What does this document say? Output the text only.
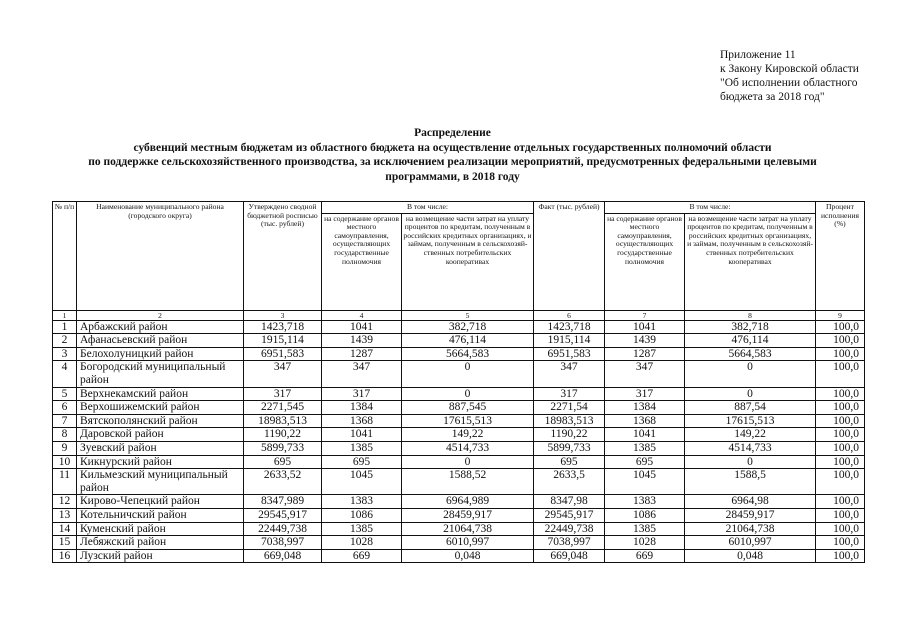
Приложение 11
к Закону Кировской области
"Об исполнении областного
бюджета за 2018 год"
Распределение
субвенций местным бюджетам из областного бюджета на осуществление отдельных государственных полномочий области
по поддержке сельскохозяйственного производства, за исключением реализации мероприятий, предусмотренных федеральными целевыми
программами, в 2018 году
№ п/п	Наименование муниципального района (городского округа)	Утверждено сводной бюджетной росписью (тыс. рублей)	В том числе:		Факт (тыс. рублей)	В том числе:		Процент исполнения (%)
			на содержание органов местного самоуправления, осуществляющих государственные полномочия	на возмещение части затрат на уплату процентов по кредитам, полученным в российских кредитных организациях, и займам, полученным в сельскохозяй-ственных потребительских кооперативах		на содержание органов местного самоуправления, осуществляющих государственные полномочия	на возмещение части затрат на уплату процентов по кредитам, полученным в российских кредитных организациях, и займам, полученным в сельскохозяй-ственных потребительских кооперативах	
1	2	3	4	5	6	7	8	9
1	Арбажский район	1423,718	1041	382,718	1423,718	1041	382,718	100,0
2	Афанасьевский район	1915,114	1439	476,114	1915,114	1439	476,114	100,0
3	Белохолуницкий район	6951,583	1287	5664,583	6951,583	1287	5664,583	100,0
4	Богородский муниципальный район	347	347	0	347	347	0	100,0
5	Верхнекамский район	317	317	0	317	317	0	100,0
6	Верхошижемский район	2271,545	1384	887,545	2271,54	1384	887,54	100,0
7	Вятскополянский район	18983,513	1368	17615,513	18983,513	1368	17615,513	100,0
8	Даровской район	1190,22	1041	149,22	1190,22	1041	149,22	100,0
9	Зуевский район	5899,733	1385	4514,733	5899,733	1385	4514,733	100,0
10	Кикнурский район	695	695	0	695	695	0	100,0
11	Кильмезский муниципальный район	2633,52	1045	1588,52	2633,5	1045	1588,5	100,0
12	Кирово-Чепецкий район	8347,989	1383	6964,989	8347,98	1383	6964,98	100,0
13	Котельничский район	29545,917	1086	28459,917	29545,917	1086	28459,917	100,0
14	Куменский район	22449,738	1385	21064,738	22449,738	1385	21064,738	100,0
15	Лебяжский район	7038,997	1028	6010,997	7038,997	1028	6010,997	100,0
16	Лузский район	669,048	669	0,048	669,048	669	0,048	100,0
